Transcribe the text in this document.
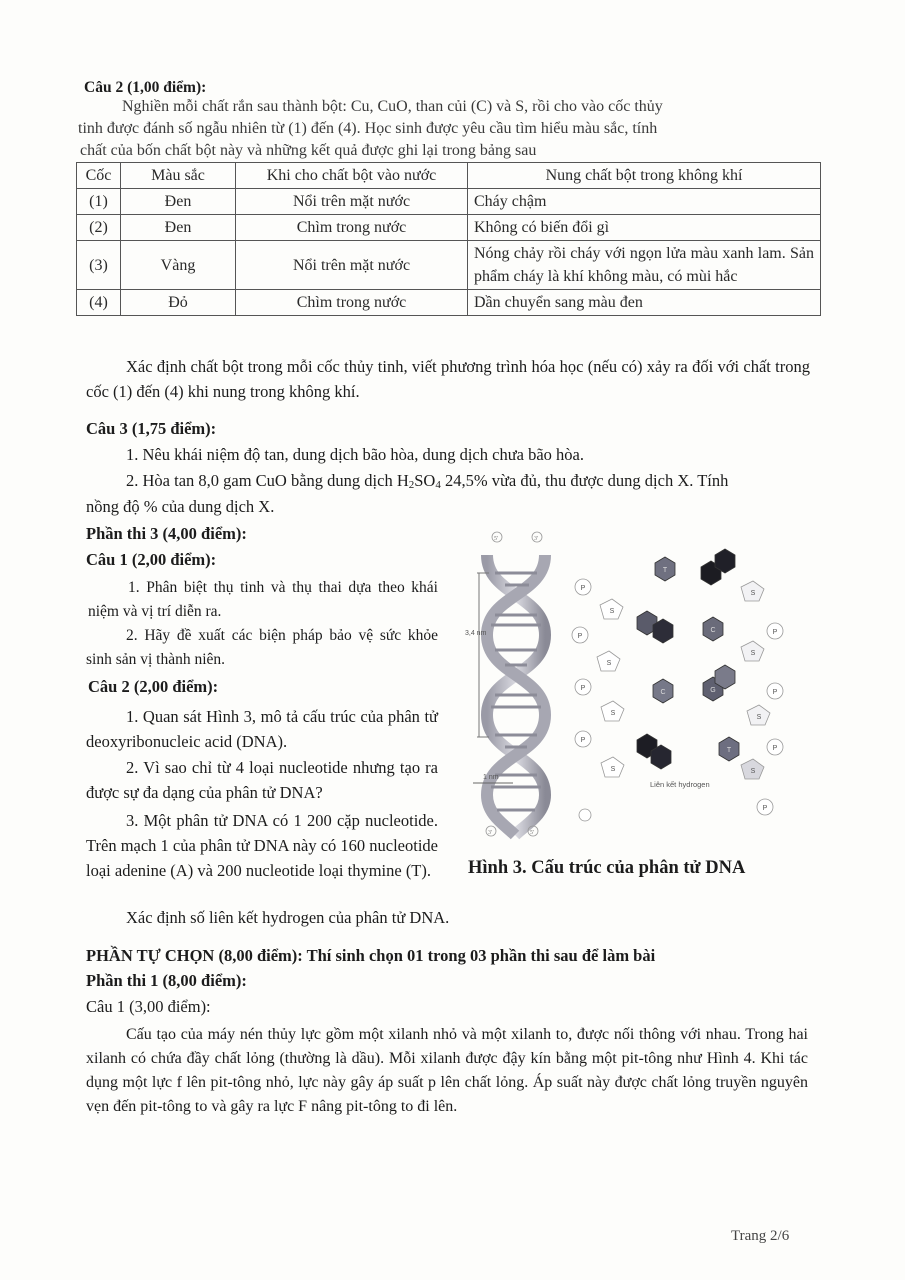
Câu 2 (1,00 điểm):
Nghiền mỗi chất rắn sau thành bột: Cu, CuO, than củi (C) và S, rồi cho vào cốc thủy
tinh được đánh số ngẫu nhiên từ (1) đến (4). Học sinh được yêu cầu tìm hiểu màu sắc, tính
chất của bốn chất bột này và những kết quả được ghi lại trong bảng sau
Cốc	Màu sắc	Khi cho chất bột vào nước	Nung chất bột trong không khí
(1)	Đen	Nổi trên mặt nước	Cháy chậm
(2)	Đen	Chìm trong nước	Không có biến đổi gì
(3)	Vàng	Nổi trên mặt nước	Nóng chảy rồi cháy với ngọn lửa màu xanh lam. Sản phẩm cháy là khí không màu, có mùi hắc
(4)	Đỏ	Chìm trong nước	Dần chuyển sang màu đen
Xác định chất bột trong mỗi cốc thủy tinh, viết phương trình hóa học (nếu có) xảy ra đối với chất trong cốc (1) đến (4) khi nung trong không khí.
Câu 3 (1,75 điểm):
1. Nêu khái niệm độ tan, dung dịch bão hòa, dung dịch chưa bão hòa.
2. Hòa tan 8,0 gam CuO bằng dung dịch $H_2SO_4$ 24,5% vừa đủ, thu được dung dịch X. Tính
nồng độ % của dung dịch X.
Phần thi 3 (4,00 điểm):
Câu 1 (2,00 điểm):
1. Phân biệt thụ tinh và thụ thai dựa theo khái niệm và vị trí diễn ra.
2. Hãy đề xuất các biện pháp bảo vệ sức khỏe sinh sản vị thành niên.
Câu 2 (2,00 điểm):
1. Quan sát Hình 3, mô tả cấu trúc của phân tử deoxyribonucleic acid (DNA).
2. Vì sao chỉ từ 4 loại nucleotide nhưng tạo ra được sự đa dạng của phân tử DNA?
3. Một phân tử DNA có 1 200 cặp nucleotide. Trên mạch 1 của phân tử DNA này có 160 nucleotide loại adenine (A) và 200 nucleotide loại thymine (T).
Xác định số liên kết hydrogen của phân tử DNA.
3,4 nm
1 nm
5'	3'
3'	5'
P
S
P
S
P
S
P
S
T
C
C
G
T
S
P
S
P
S
P
S
P
Liên kết hydrogen
Hình 3. Cấu trúc của phân tử DNA
PHẦN TỰ CHỌN (8,00 điểm): Thí sinh chọn 01 trong 03 phần thi sau để làm bài
Phần thi 1 (8,00 điểm):
Câu 1 (3,00 điểm):
Cấu tạo của máy nén thủy lực gồm một xilanh nhỏ và một xilanh to, được nối thông với nhau. Trong hai xilanh có chứa đầy chất lỏng (thường là dầu). Mỗi xilanh được đậy kín bằng một pit-tông như Hình 4. Khi tác dụng một lực f lên pit-tông nhỏ, lực này gây áp suất p lên chất lỏng. Áp suất này được chất lỏng truyền nguyên vẹn đến pit-tông to và gây ra lực F nâng pit-tông to đi lên.
Trang 2/6
